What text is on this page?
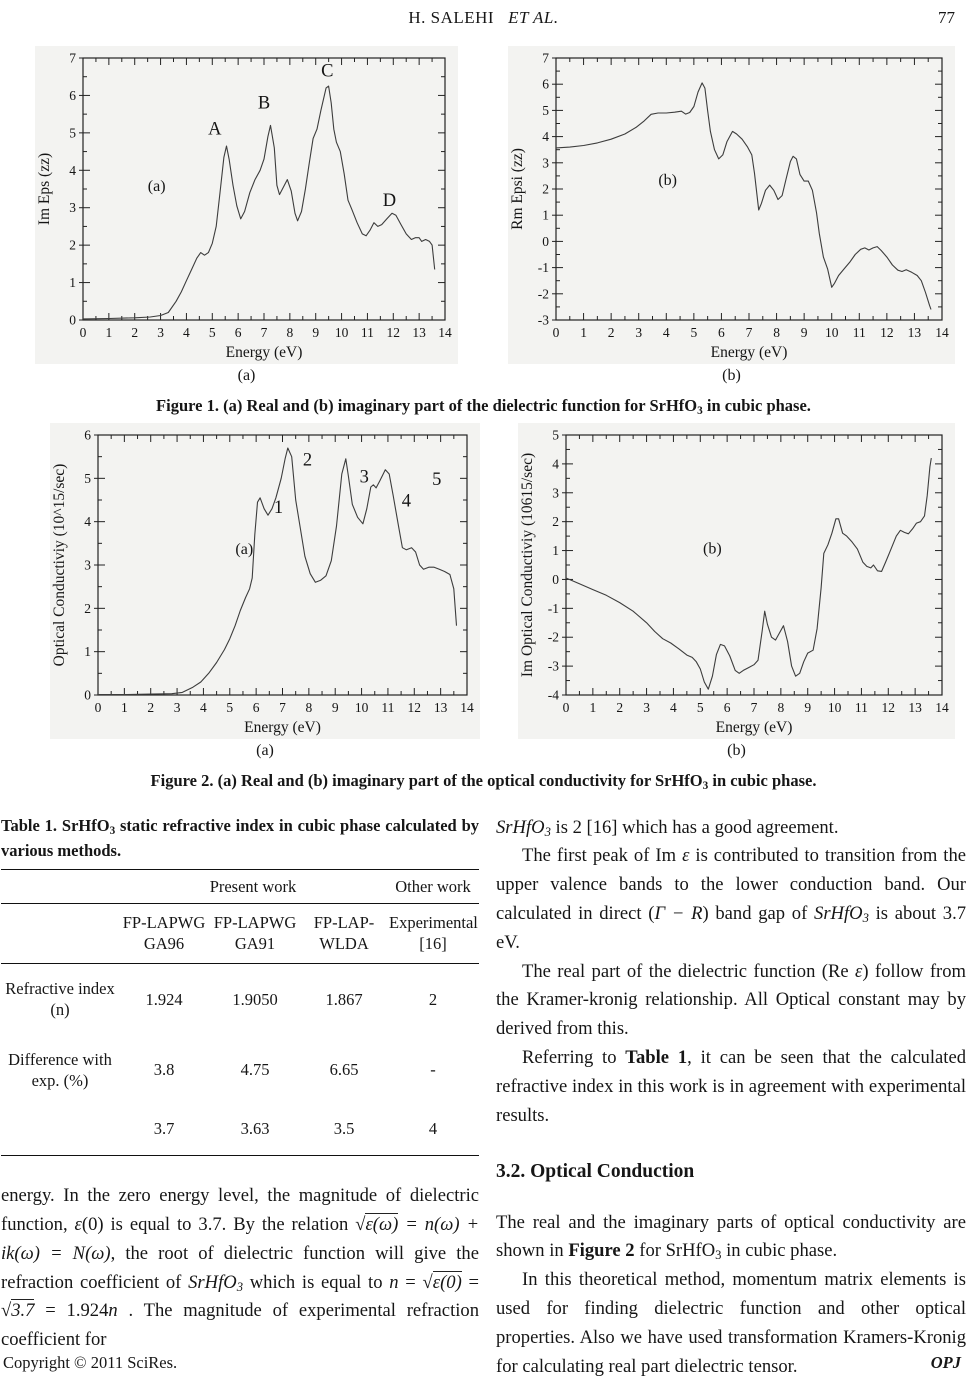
H. SALEHI ET AL.	77
0 1 2 3 4 5 6 7 8 9 10 11 12 13 14
0
1
2
3
4
5
6
7
(a)
A
B
C
D
Energy (eV)
Im Eps (zz)
0 1 2 3 4 5 6 7 8 9 10 11 12 13 14
-3
-2
-1
0
1
2
3
4
5
6
7
(b)
Energy (eV)
Rm Epsi (zz)
(a)	(b)
Figure 1. (a) Real and (b) imaginary part of the dielectric function for SrHfO3 in cubic phase.
0 1 2 3 4 5 6 7 8 9 10 11 12 13 14
0
1
2
3
4
5
6
(a)
1
2
3
4
5
Energy (eV)
Optical Conductiviy (10^15/sec)
0 1 2 3 4 5 6 7 8 9 10 11 12 13 14
-4
-3
-2
-1
0
1
2
3
4
5
(b)
Energy (eV)
Im Optical Conductiviy (10615/sec)
(a)	(b)
Figure 2. (a) Real and (b) imaginary part of the optical conductivity for SrHfO3 in cubic phase.

Table 1. SrHfO3 static refractive index in cubic phase calculated by various methods.

	Present work			Other work
	FP-LAPWG GA96	FP-LAPWG GA91	FP-LAP- WLDA	Experimental [16]
Refractive index (n)	1.924	1.9050	1.867	2
Difference with exp. (%)	3.8	4.75	6.65	-
	3.7	3.63	3.5	4

energy. In the zero energy level, the magnitude of dielectric function, ε(0) is equal to 3.7. By the relation √ε(ω) = n(ω) + ik(ω) = N(ω), the root of dielectric function will give the refraction coefficient of SrHfO3 which is equal to n = √ε(0) = √3.7 = 1.924n . The magnitude of experimental refraction coefficient for

SrHfO3 is 2 [16] which has a good agreement.

The first peak of Im ε is contributed to transition from the upper valence bands to the lower conduction band. Our calculated in direct (Γ − R) band gap of SrHfO3 is about 3.7 eV.

The real part of the dielectric function (Re ε) follow from the Kramer-kronig relationship. All Optical constant may by derived from this.

Referring to Table 1, it can be seen that the calculated refractive index in this work is in agreement with experimental results.

3.2. Optical Conduction

The real and the imaginary parts of optical conductivity are shown in Figure 2 for SrHfO3 in cubic phase.

In this theoretical method, momentum matrix elements is used for finding dielectric function and other optical properties. Also we have used transformation Kramers-Kronig for calculating real part dielectric tensor.

Copyright © 2011 SciRes.	OPJ
